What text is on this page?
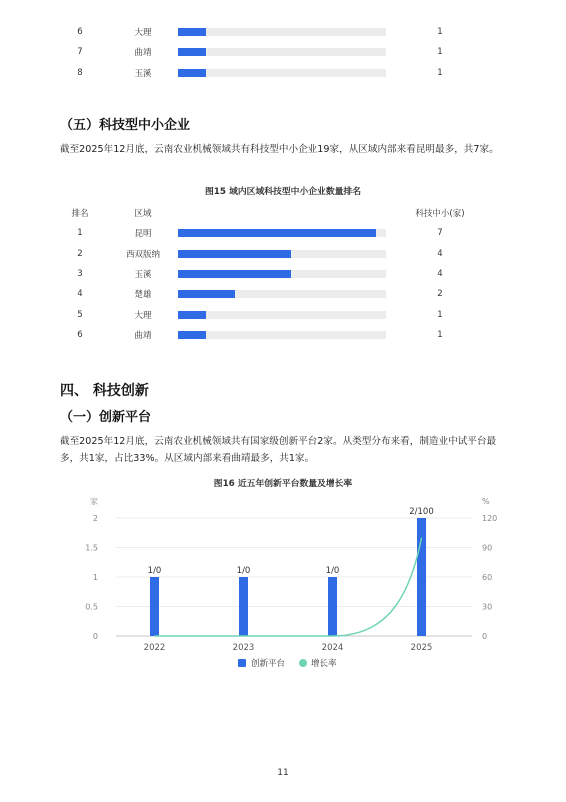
6	大理	1
7	曲靖	1
8	玉溪	1
（五）科技型中小企业

截至2025年12月底，云南农业机械领域共有科技型中小企业19家，从区域内部来看昆明最多，共7家。

图15 域内区域科技型中小企业数量排名

排名	区域	科技中小(家)
1	昆明	7
2	西双版纳	4
3	玉溪	4
4	楚雄	2
5	大理	1
6	曲靖	1
四、 科技创新
（一）创新平台

截至2025年12月底，云南农业机械领域共有国家级创新平台2家。从类型分布来看，制造业中试平台最多，共1家，占比33%。从区域内部来看曲靖最多，共1家。

图16 近五年创新平台数量及增长率

家	%
0
0.5
1
1.5
2
0
30
60
90
120
2022
1/0
2023
1/0
2024
1/0
2025
2/100
创新平台	增长率
11
